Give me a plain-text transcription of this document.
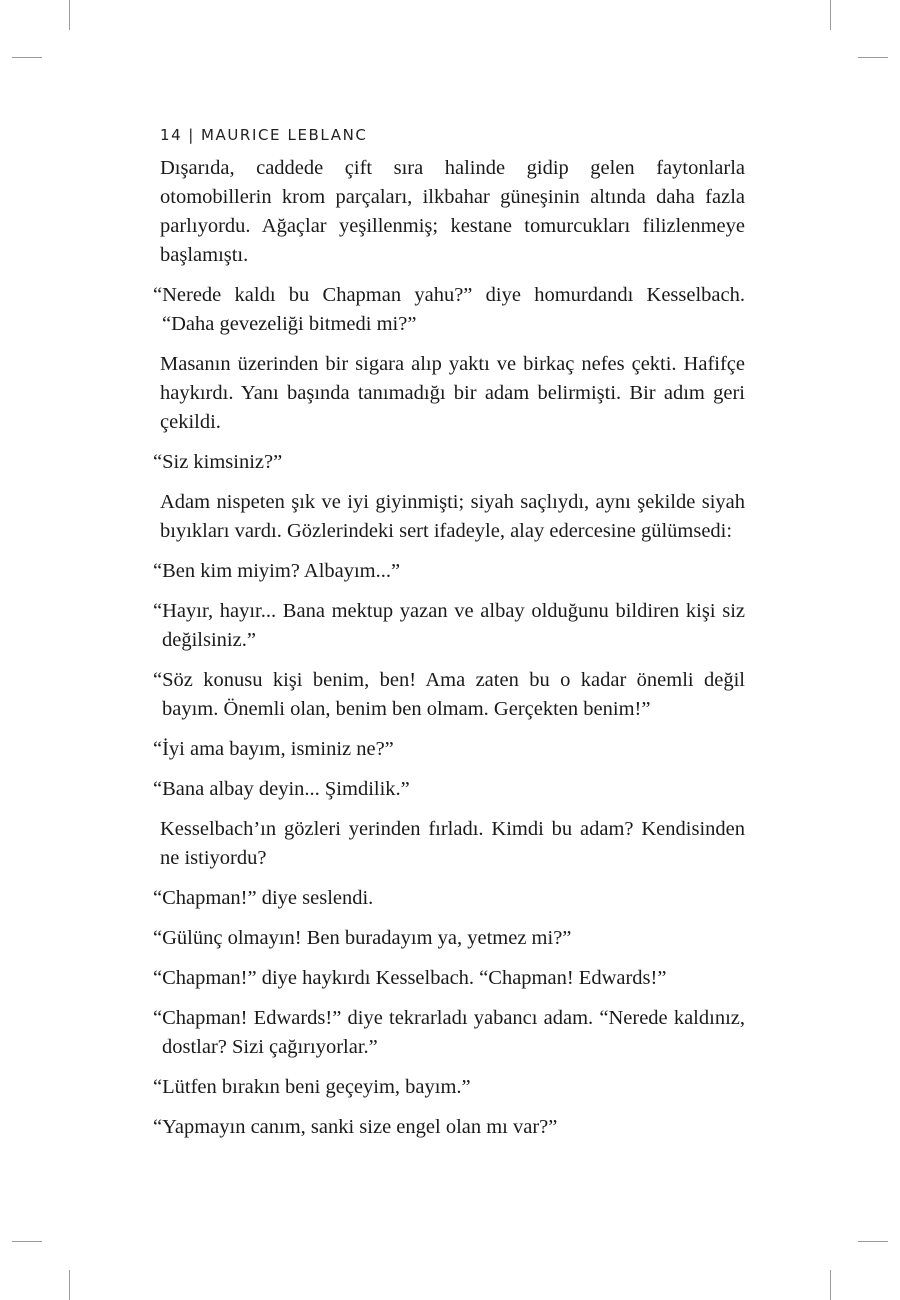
14 | MAURICE LEBLANC

Dışarıda, caddede çift sıra halinde gidip gelen faytonlarla otomobillerin krom parçaları, ilkbahar güneşinin altında daha fazla parlıyordu. Ağaçlar yeşillenmiş; kestane tomurcukları filizlenmeye başlamıştı.

“Nerede kaldı bu Chapman yahu?” diye homurdandı Kesselbach. “Daha gevezeliği bitmedi mi?”

Masanın üzerinden bir sigara alıp yaktı ve birkaç nefes çekti. Hafifçe haykırdı. Yanı başında tanımadığı bir adam belirmişti. Bir adım geri çekildi.

“Siz kimsiniz?”

Adam nispeten şık ve iyi giyinmişti; siyah saçlıydı, aynı şekilde siyah bıyıkları vardı. Gözlerindeki sert ifadeyle, alay edercesine gülümsedi:

“Ben kim miyim? Albayım...”

“Hayır, hayır... Bana mektup yazan ve albay olduğunu bildiren kişi siz değilsiniz.”

“Söz konusu kişi benim, ben! Ama zaten bu o kadar önemli değil bayım. Önemli olan, benim ben olmam. Gerçekten benim!”

“İyi ama bayım, isminiz ne?”

“Bana albay deyin... Şimdilik.”

Kesselbach’ın gözleri yerinden fırladı. Kimdi bu adam? Kendisinden ne istiyordu?

“Chapman!” diye seslendi.

“Gülünç olmayın! Ben buradayım ya, yetmez mi?”

“Chapman!” diye haykırdı Kesselbach. “Chapman! Edwards!”

“Chapman! Edwards!” diye tekrarladı yabancı adam. “Nerede kaldınız, dostlar? Sizi çağırıyorlar.”

“Lütfen bırakın beni geçeyim, bayım.”

“Yapmayın canım, sanki size engel olan mı var?”
